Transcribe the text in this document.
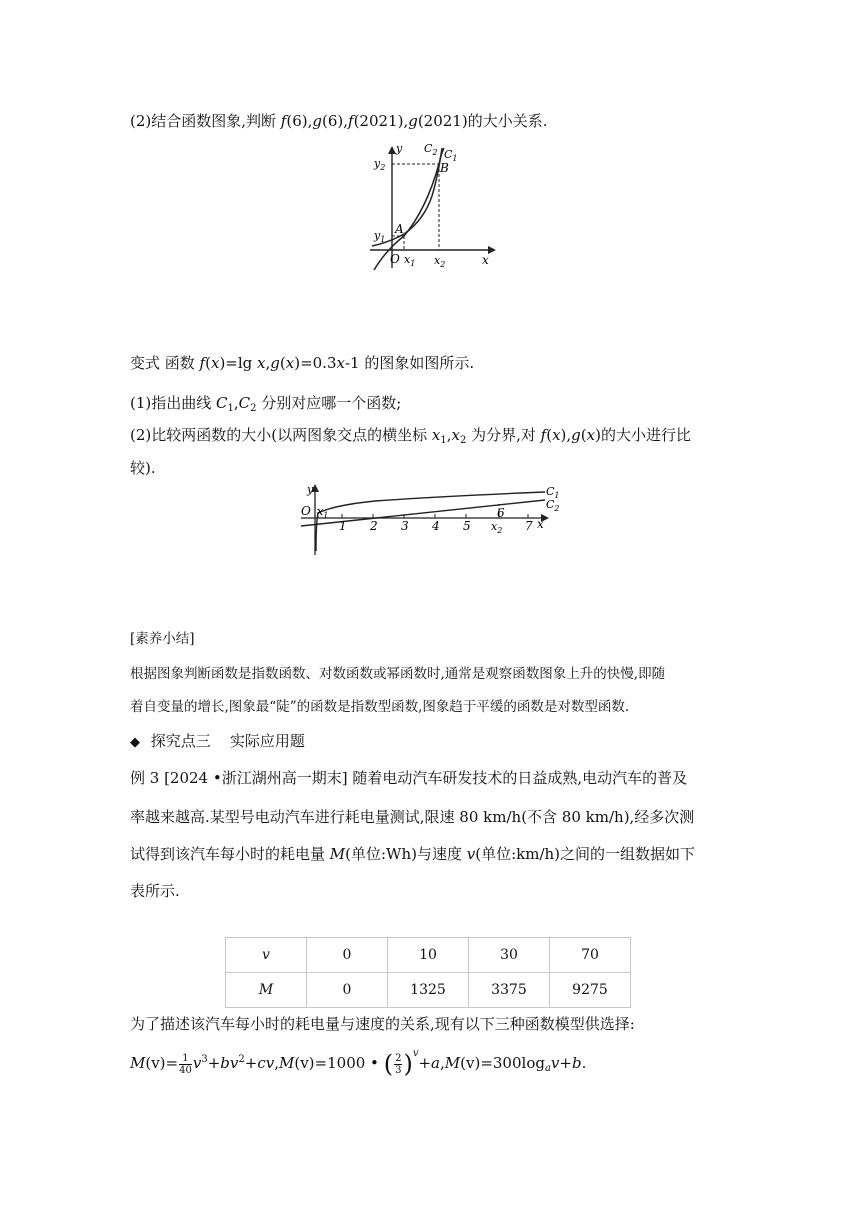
(2)结合函数图象,判断 f(6),g(6),f(2021),g(2021)的大小关系.
y
x
O
$y_2$
$y_1$
$x_1$ $x_2$
A
B
$C_2$ $C_1$
变式 函数 f(x)=lg x,g(x)=0.3x-1 的图象如图所示.
(1)指出曲线 $C_1,C_2$ 分别对应哪一个函数;
(2)比较两函数的大小(以两图象交点的横坐标 $x_1,x_2$ 为分界,对 f(x),g(x)的大小进行比
较).
y
O $x_1$
1 2 3 4 5
6
$x_2$ 7 x
$C_1$
$C_2$
[素养小结]
根据图象判断函数是指数函数、对数函数或幂函数时,通常是观察函数图象上升的快慢,即随
着自变量的增长,图象最“陡”的函数是指数型函数,图象趋于平缓的函数是对数型函数.
◆ 探究点三    实际应用题
例 3 [2024 •浙江湖州高一期末] 随着电动汽车研发技术的日益成熟,电动汽车的普及
率越来越高.某型号电动汽车进行耗电量测试,限速 80 km/h(不含 80 km/h),经多次测
试得到该汽车每小时的耗电量 M(单位:Wh)与速度 v(单位:km/h)之间的一组数据如下
表所示.
v	0	10	30	70
M	0	1325	3375	9275
为了描述该汽车每小时的耗电量与速度的关系,现有以下三种函数模型供选择:
$M(v)= \frac{1}{40} v^3+bv^2+cv,M(v)=1000$ • ( $\frac{2}{3} )^v+a,M(v)=300\log_av+b$.
